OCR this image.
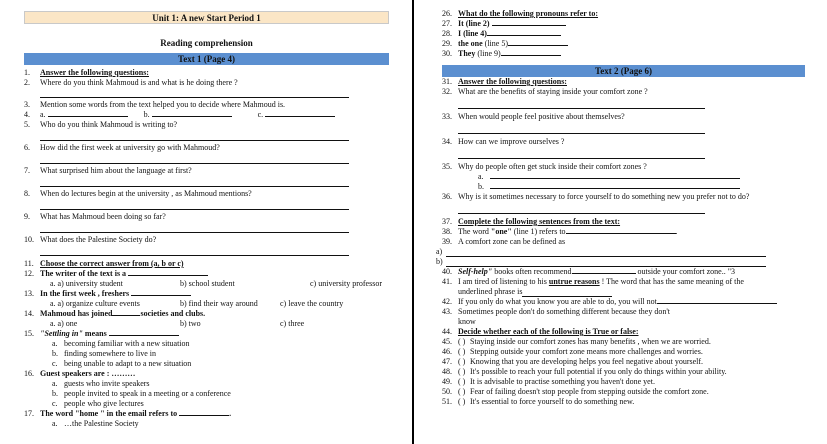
Unit 1: A new Start Period 1
Reading comprehension
Text 1 (Page 4)
1.	Answer the following questions:
2.	Where do you think Mahmoud is and what is he doing there ?
3.	Mention some words from the text helped you to decide where Mahmoud is.
4.	a.	b.	c.
5.	Who do you think Mahmoud is writing to?
6.	How did the first week at university go with Mahmoud?
7.	What surprised him about the language at first?
8.	When do lectures begin at the university , as Mahmoud mentions?
9.	What has Mahmoud been doing so far?
10. What does the Palestine Society do?
11. Choose the correct answer from (a, b or c)
12. The writer of the text is a
a. a) university student	b) school student	c) university professor
13. In the first week , freshers
a. a) organize culture events	b) find their way around	c) leave the country
14. Mahmoud has joined	societies and clubs.
a. a) one	b) two	c) three
15. "Settling in" means
a. becoming familiar with a new situation
b. finding somewhere to live in
c. being unable to adapt to a new situation
16. Guest speakers are : ………
a. guests who invite speakers
b. people invited to speak in a meeting or a conference
c. people who give lectures
17. The word "home " in the email refers to	.
a. …the Palestine Society
26. What do the following pronouns refer to:
27. It (line 2)
28. I (line 4)
29. the one (line 5)
30. They (line 9)
Text 2 (Page 6)
31. Answer the following questions:
32. What are the benefits of staying inside your comfort zone ?
33. When would people feel positive about themselves?
34. How can we improve ourselves ?
35. Why do people often get stuck inside their comfort zones ?
a.
b.
36. Why is it sometimes necessary to force yourself to do something new you prefer not to do?
37. Complete the following sentences from the text:
38. The word "one" (line 1) refers to	.
39. A comfort zone can be defined as
a)
b)
40. Self-help" books often recommend	outside your comfort zone.. "3
41. I am tired of listening to his untrue reasons ! The word that has the same meaning of the
underlined phrase is
42. If you only do what you know you are able to do, you will not
43. Sometimes people don't do something different because they don't
know
44. Decide whether each of the following is True or false:
45. ( ) Staying inside our comfort zones has many benefits , when we are worried.
46. ( ) Stepping outside your comfort zone means more challenges and worries.
47. ( ) Knowing that you are developing helps you feel negative about yourself.
48. ( ) It's possible to reach your full potential if you only do things within your ability.
49. ( ) It is advisable to practise something you haven't done yet.
50. ( ) Fear of failing doesn't stop people from stepping outside the comfort zone.
51. ( ) It's essential to force yourself to do something new.
